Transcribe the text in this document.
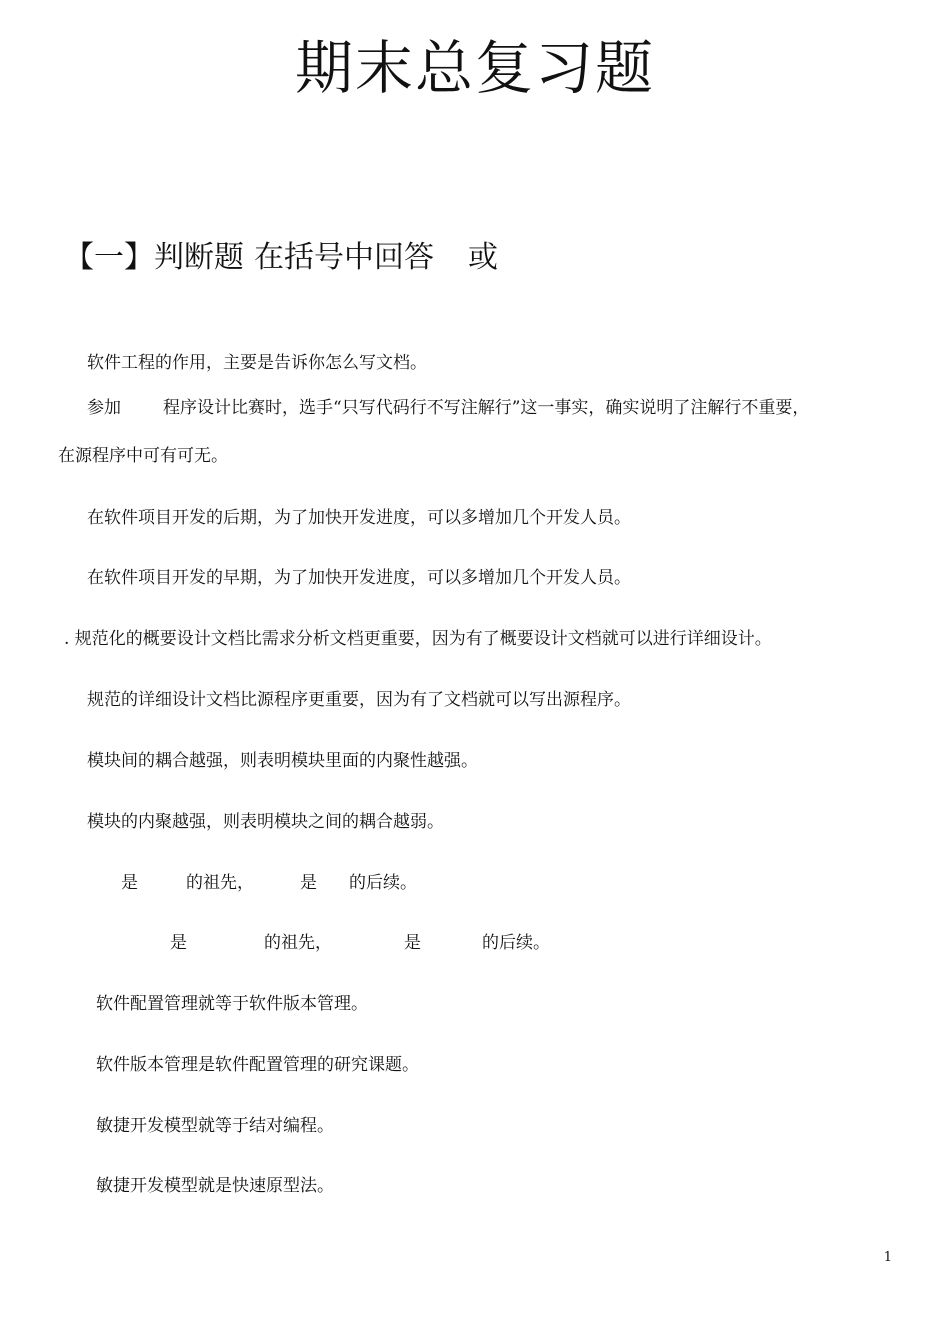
期末总复习题
【一】判断题 在括号中回答 或

软件工程的作用，主要是告诉你怎么写文档。

参加 程序设计比赛时，选手“只写代码行不写注解行”这一事实，确实说明了注解行不重要，

在源程序中可有可无。

在软件项目开发的后期，为了加快开发进度，可以多增加几个开发人员。

在软件项目开发的早期，为了加快开发进度，可以多增加几个开发人员。

. 规范化的概要设计文档比需求分析文档更重要，因为有了概要设计文档就可以进行详细设计。

规范的详细设计文档比源程序更重要，因为有了文档就可以写出源程序。

模块间的耦合越强，则表明模块里面的内聚性越强。

模块的内聚越强，则表明模块之间的耦合越弱。

是	的祖先，	是 的后续。

是	的祖先，	是	的后续。

软件配置管理就等于软件版本管理。

软件版本管理是软件配置管理的研究课题。

敏捷开发模型就等于结对编程。

敏捷开发模型就是快速原型法。

1
